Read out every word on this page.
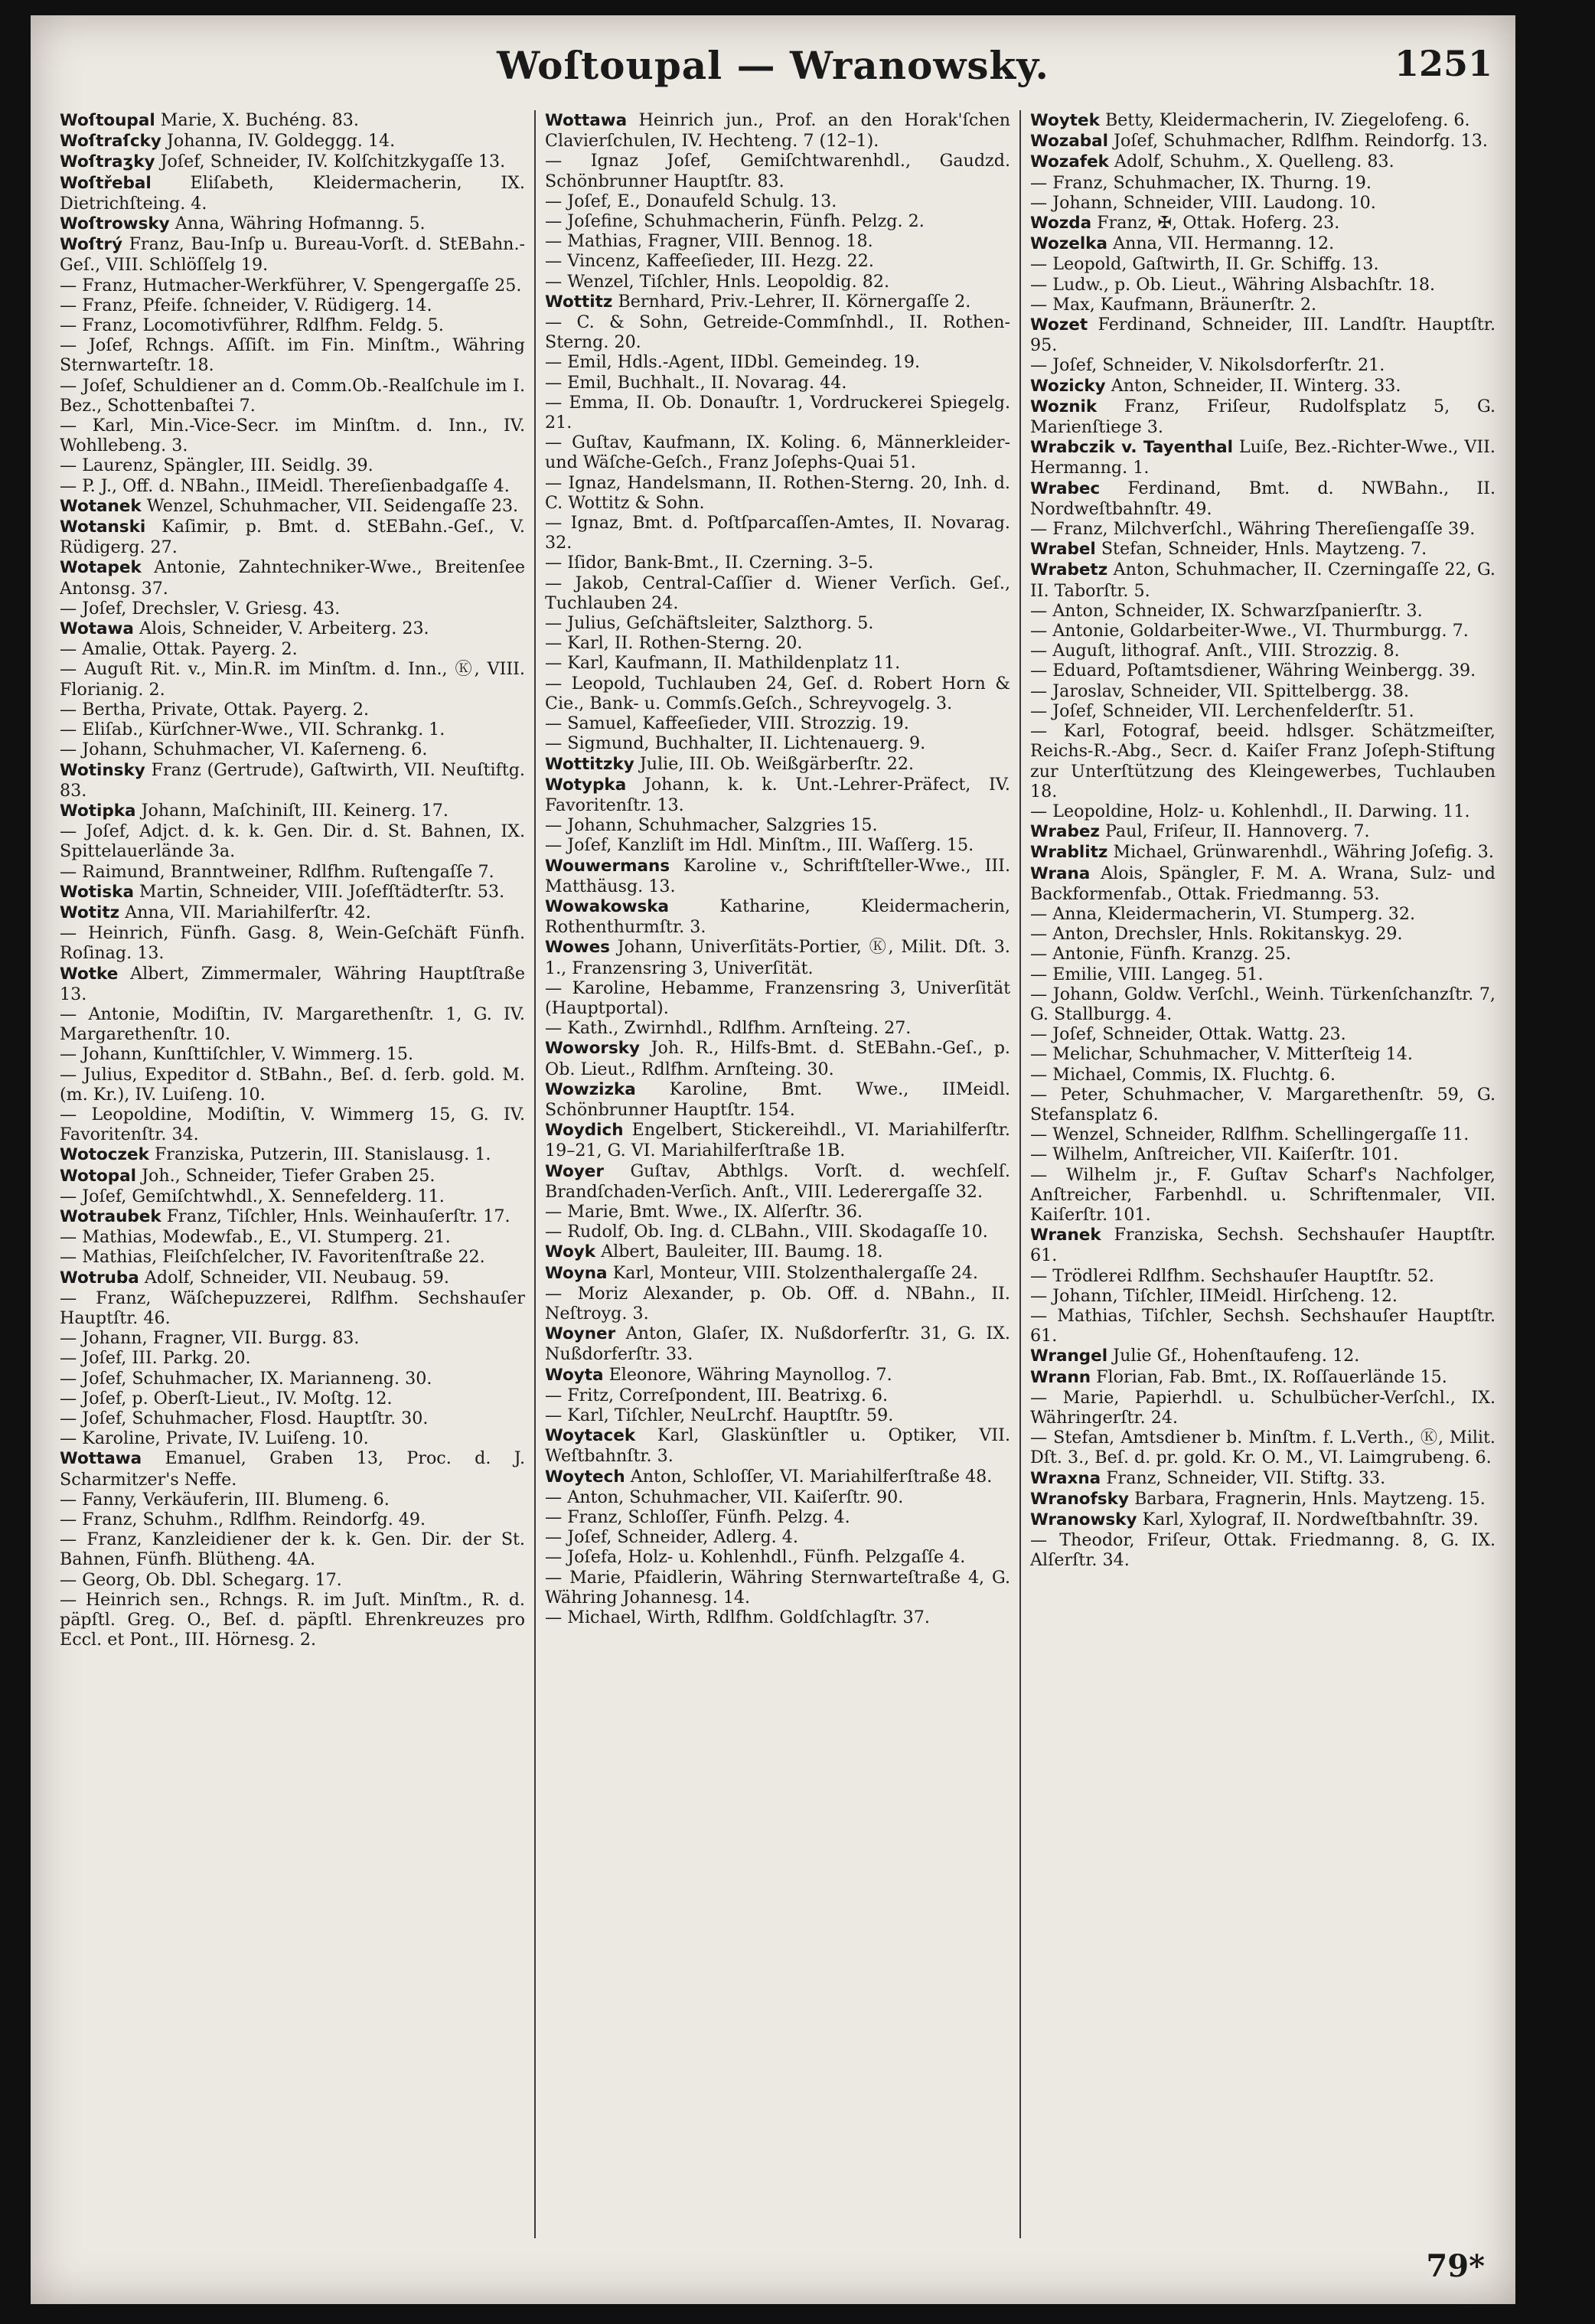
Woſtoupal — Wranowsky.	1251

Woſtoupal Marie, X. Buchéng. 83.

Woſtraſcky Johanna, IV. Goldeggg. 14.

Woſtraʒky Joſef, Schneider, IV. Kolſchitzkygaſſe 13.

Woſtřebal Eliſabeth, Kleidermacherin, IX. Dietrichſteing. 4.

Woſtrowsky Anna, Währing Hofmanng. 5.

Woſtrý Franz, Bau-Inſp u. Bureau-Vorſt. d. StEBahn.-Geſ., VIII. Schlöſſelg 19.

— Franz, Hutmacher-Werkführer, V. Spengergaſſe 25.

— Franz, Pfeife. ſchneider, V. Rüdigerg. 14.

— Franz, Locomotivführer, Rdlfhm. Feldg. 5.

— Joſef, Rchngs. Aſſiſt. im Fin. Minſtm., Währing Sternwarteſtr. 18.

— Joſef, Schuldiener an d. Comm.Ob.-Realſchule im I. Bez., Schottenbaſtei 7.

— Karl, Min.-Vice-Secr. im Minſtm. d. Inn., IV. Wohllebeng. 3.

— Laurenz, Spängler, III. Seidlg. 39.

— P. J., Off. d. NBahn., IIMeidl. Thereſienbadgaſſe 4.

Wotanek Wenzel, Schuhmacher, VII. Seidengaſſe 23.

Wotanski Kaſimir, p. Bmt. d. StEBahn.-Geſ., V. Rüdigerg. 27.

Wotapek Antonie, Zahntechniker-Wwe., Breitenſee Antonsg. 37.

— Joſef, Drechsler, V. Griesg. 43.

Wotawa Alois, Schneider, V. Arbeiterg. 23.

— Amalie, Ottak. Payerg. 2.

— Auguſt Rit. v., Min.R. im Minſtm. d. Inn., Ⓚ, VIII. Florianig. 2.

— Bertha, Private, Ottak. Payerg. 2.

— Eliſab., Kürſchner-Wwe., VII. Schrankg. 1.

— Johann, Schuhmacher, VI. Kaſerneng. 6.

Wotinsky Franz (Gertrude), Gaſtwirth, VII. Neuſtiftg. 83.

Wotipka Johann, Maſchiniſt, III. Keinerg. 17.

— Joſef, Adjct. d. k. k. Gen. Dir. d. St. Bahnen, IX. Spittelauerlände 3a.

— Raimund, Branntweiner, Rdlfhm. Ruſtengaſſe 7.

Wotiska Martin, Schneider, VIII. Joſefſtädterſtr. 53.

Wotitz Anna, VII. Mariahilferſtr. 42.

— Heinrich, Fünfh. Gasg. 8, Wein-Geſchäft Fünfh. Roſinag. 13.

Wotke Albert, Zimmermaler, Währing Hauptſtraße 13.

— Antonie, Modiſtin, IV. Margarethenſtr. 1, G. IV. Margarethenſtr. 10.

— Johann, Kunſttiſchler, V. Wimmerg. 15.

— Julius, Expeditor d. StBahn., Beſ. d. ſerb. gold. M. (m. Kr.), IV. Luiſeng. 10.

— Leopoldine, Modiſtin, V. Wimmerg 15, G. IV. Favoritenſtr. 34.

Wotoczek Franziska, Putzerin, III. Stanislausg. 1.

Wotopal Joh., Schneider, Tiefer Graben 25.

— Joſef, Gemiſchtwhdl., X. Sennefelderg. 11.

Wotraubek Franz, Tiſchler, Hnls. Weinhauſerſtr. 17.

— Mathias, Modewfab., E., VI. Stumperg. 21.

— Mathias, Fleiſchſelcher, IV. Favoritenſtraße 22.

Wotruba Adolf, Schneider, VII. Neubaug. 59.

— Franz, Wäſchepuzzerei, Rdlfhm. Sechshauſer Hauptſtr. 46.

— Johann, Fragner, VII. Burgg. 83.

— Joſef, III. Parkg. 20.

— Joſef, Schuhmacher, IX. Marianneng. 30.

— Joſef, p. Oberſt-Lieut., IV. Moſtg. 12.

— Joſef, Schuhmacher, Flosd. Hauptſtr. 30.

— Karoline, Private, IV. Luiſeng. 10.

Wottawa Emanuel, Graben 13, Proc. d. J. Scharmitzer's Neffe.

— Fanny, Verkäuferin, III. Blumeng. 6.

— Franz, Schuhm., Rdlfhm. Reindorfg. 49.

— Franz, Kanzleidiener der k. k. Gen. Dir. der St. Bahnen, Fünfh. Blütheng. 4A.

— Georg, Ob. Dbl. Schegarg. 17.

— Heinrich sen., Rchngs. R. im Juſt. Minſtm., R. d. päpſtl. Greg. O., Beſ. d. päpſtl. Ehrenkreuzes pro Eccl. et Pont., III. Hörnesg. 2.

Wottawa Heinrich jun., Prof. an den Horak'ſchen Clavierſchulen, IV. Hechteng. 7 (12–1).

— Ignaz Joſef, Gemiſchtwarenhdl., Gaudzd. Schönbrunner Hauptſtr. 83.

— Joſef, E., Donaufeld Schulg. 13.

— Joſefine, Schuhmacherin, Fünfh. Pelzg. 2.

— Mathias, Fragner, VIII. Bennog. 18.

— Vincenz, Kaffeeſieder, III. Hezg. 22.

— Wenzel, Tiſchler, Hnls. Leopoldig. 82.

Wottitz Bernhard, Priv.-Lehrer, II. Körnergaſſe 2.

— C. & Sohn, Getreide-Commſnhdl., II. Rothen-Sterng. 20.

— Emil, Hdls.-Agent, IIDbl. Gemeindeg. 19.

— Emil, Buchhalt., II. Novarag. 44.

— Emma, II. Ob. Donauſtr. 1, Vordruckerei Spiegelg. 21.

— Guſtav, Kaufmann, IX. Koling. 6, Männerkleider- und Wäſche-Geſch., Franz Joſephs-Quai 51.

— Ignaz, Handelsmann, II. Rothen-Sterng. 20, Inh. d. C. Wottitz & Sohn.

— Ignaz, Bmt. d. Poſtſparcaſſen-Amtes, II. Novarag. 32.

— Iſidor, Bank-Bmt., II. Czerning. 3–5.

— Jakob, Central-Caſſier d. Wiener Verſich. Geſ., Tuchlauben 24.

— Julius, Geſchäftsleiter, Salzthorg. 5.

— Karl, II. Rothen-Sterng. 20.

— Karl, Kaufmann, II. Mathildenplatz 11.

— Leopold, Tuchlauben 24, Geſ. d. Robert Horn & Cie., Bank- u. Commſs.Geſch., Schreyvogelg. 3.

— Samuel, Kaffeeſieder, VIII. Strozzig. 19.

— Sigmund, Buchhalter, II. Lichtenauerg. 9.

Wottitzky Julie, III. Ob. Weißgärberſtr. 22.

Wotypka Johann, k. k. Unt.-Lehrer-Präfect, IV. Favoritenſtr. 13.

— Johann, Schuhmacher, Salzgries 15.

— Joſef, Kanzliſt im Hdl. Minſtm., III. Waſſerg. 15.

Wouwermans Karoline v., Schriftſteller-Wwe., III. Matthäusg. 13.

Wowakowska	Katharine, Kleidermacherin, Rothenthurmſtr. 3.

Wowes Johann, Univerſitäts-Portier, Ⓚ, Milit. Dſt. 3. 1., Franzensring 3, Univerſität.

— Karoline, Hebamme, Franzensring 3, Univerſität (Hauptportal).

— Kath., Zwirnhdl., Rdlfhm. Arnſteing. 27.

Woworsky Joh. R., Hilfs-Bmt. d. StEBahn.-Geſ., p. Ob. Lieut., Rdlfhm. Arnſteing. 30.

Wowzizka Karoline, Bmt. Wwe., IIMeidl. Schönbrunner Hauptſtr. 154.

Woydich Engelbert, Stickereihdl., VI. Mariahilferſtr. 19–21, G. VI. Mariahilferſtraße 1B.

Woyer Guſtav, Abthlgs. Vorſt. d. wechſelſ. Brandſchaden-Verſich. Anſt., VIII. Lederergaſſe 32.

— Marie, Bmt. Wwe., IX. Alſerſtr. 36.

— Rudolf, Ob. Ing. d. CLBahn., VIII. Skodagaſſe 10.

Woyk Albert, Bauleiter, III. Baumg. 18.

Woyna Karl, Monteur, VIII. Stolzenthalergaſſe 24.

— Moriz Alexander, p. Ob. Off. d. NBahn., II. Neſtroyg. 3.

Woyner Anton, Glaſer, IX. Nußdorferſtr. 31, G. IX. Nußdorferſtr. 33.

Woyta Eleonore, Währing Maynollog. 7.

— Fritz, Correſpondent, III. Beatrixg. 6.

— Karl, Tiſchler, NeuLrchf. Hauptſtr. 59.

Woytacek Karl, Glaskünſtler u. Optiker, VII. Weſtbahnſtr. 3.

Woytech Anton, Schloſſer, VI. Mariahilferſtraße 48.

— Anton, Schuhmacher, VII. Kaiſerſtr. 90.

— Franz, Schloſſer, Fünfh. Pelzg. 4.

— Joſef, Schneider, Adlerg. 4.

— Joſefa, Holz- u. Kohlenhdl., Fünfh. Pelzgaſſe 4.

— Marie, Pfaidlerin, Währing Sternwarteſtraße 4, G. Währing Johannesg. 14.

— Michael, Wirth, Rdlfhm. Goldſchlagſtr. 37.

Woytek Betty, Kleidermacherin, IV. Ziegelofeng. 6.

Wozabal Joſef, Schuhmacher, Rdlfhm. Reindorfg. 13.

Wozafek Adolf, Schuhm., X. Quelleng. 83.

— Franz, Schuhmacher, IX. Thurng. 19.

— Johann, Schneider, VIII. Laudong. 10.

Wozda Franz, ✠, Ottak. Hoferg. 23.

Wozelka Anna, VII. Hermanng. 12.

— Leopold, Gaſtwirth, II. Gr. Schiffg. 13.

— Ludw., p. Ob. Lieut., Währing Alsbachſtr. 18.

— Max, Kaufmann, Bräunerſtr. 2.

Wozet Ferdinand, Schneider, III. Landſtr. Hauptſtr. 95.

— Joſef, Schneider, V. Nikolsdorferſtr. 21.

Wozicky Anton, Schneider, II. Winterg. 33.

Woznik Franz, Friſeur, Rudolfsplatz 5, G. Marienſtiege 3.

Wrabczik v. Tayenthal Luiſe, Bez.-Richter-Wwe., VII. Hermanng. 1.

Wrabec Ferdinand, Bmt. d. NWBahn., II. Nordweſtbahnſtr. 49.

— Franz, Milchverſchl., Währing Thereſiengaſſe 39.

Wrabel Stefan, Schneider, Hnls. Maytzeng. 7.

Wrabetz Anton, Schuhmacher, II. Czerningaſſe 22, G. II. Taborſtr. 5.

— Anton, Schneider, IX. Schwarzſpanierſtr. 3.

— Antonie, Goldarbeiter-Wwe., VI. Thurmburgg. 7.

— Auguſt, lithograf. Anſt., VIII. Strozzig. 8.

— Eduard, Poſtamtsdiener, Währing Weinbergg. 39.

— Jaroslav, Schneider, VII. Spittelbergg. 38.

— Joſef, Schneider, VII. Lerchenfelderſtr. 51.

— Karl, Fotograf, beeid. hdlsger. Schätzmeiſter, Reichs-R.-Abg., Secr. d. Kaiſer Franz Joſeph-Stiftung zur Unterſtützung des Kleingewerbes, Tuchlauben 18.

— Leopoldine, Holz- u. Kohlenhdl., II. Darwing. 11.

Wrabez Paul, Friſeur, II. Hannoverg. 7.

Wrablitz Michael, Grünwarenhdl., Währing Joſefig. 3.

Wrana Alois, Spängler, F. M. A. Wrana, Sulz- und Backformenfab., Ottak. Friedmanng. 53.

— Anna, Kleidermacherin, VI. Stumperg. 32.

— Anton, Drechsler, Hnls. Rokitanskyg. 29.

— Antonie, Fünfh. Kranzg. 25.

— Emilie, VIII. Langeg. 51.

— Johann, Goldw. Verſchl., Weinh. Türkenſchanzſtr. 7, G. Stallburgg. 4.

— Joſef, Schneider, Ottak. Wattg. 23.

— Melichar, Schuhmacher, V. Mitterſteig 14.

— Michael, Commis, IX. Fluchtg. 6.

— Peter, Schuhmacher, V. Margarethenſtr. 59, G. Stefansplatz 6.

— Wenzel, Schneider, Rdlfhm. Schellingergaſſe 11.

— Wilhelm, Anſtreicher, VII. Kaiſerſtr. 101.

— Wilhelm jr., F. Guſtav Scharf's Nachfolger, Anſtreicher, Farbenhdl. u. Schriftenmaler, VII. Kaiſerſtr. 101.

Wranek Franziska, Sechsh. Sechshauſer Hauptſtr. 61.

— Trödlerei Rdlfhm. Sechshauſer Hauptſtr. 52.

— Johann, Tiſchler, IIMeidl. Hirſcheng. 12.

— Mathias, Tiſchler, Sechsh. Sechshauſer Hauptſtr. 61.

Wrangel Julie Gf., Hohenſtaufeng. 12.

Wrann Florian, Fab. Bmt., IX. Roſſauerlände 15.

— Marie, Papierhdl. u. Schulbücher-Verſchl., IX. Währingerſtr. 24.

— Stefan, Amtsdiener b. Minſtm. f. L.Verth., Ⓚ, Milit. Dſt. 3., Beſ. d. pr. gold. Kr. O. M., VI. Laimgrubeng. 6.

Wraxna Franz, Schneider, VII. Stiftg. 33.

Wranofsky Barbara, Fragnerin, Hnls. Maytzeng. 15.

Wranowsky Karl, Xylograf, II. Nordweſtbahnſtr. 39.

— Theodor, Friſeur, Ottak. Friedmanng. 8, G. IX. Alſerſtr. 34.

79*
